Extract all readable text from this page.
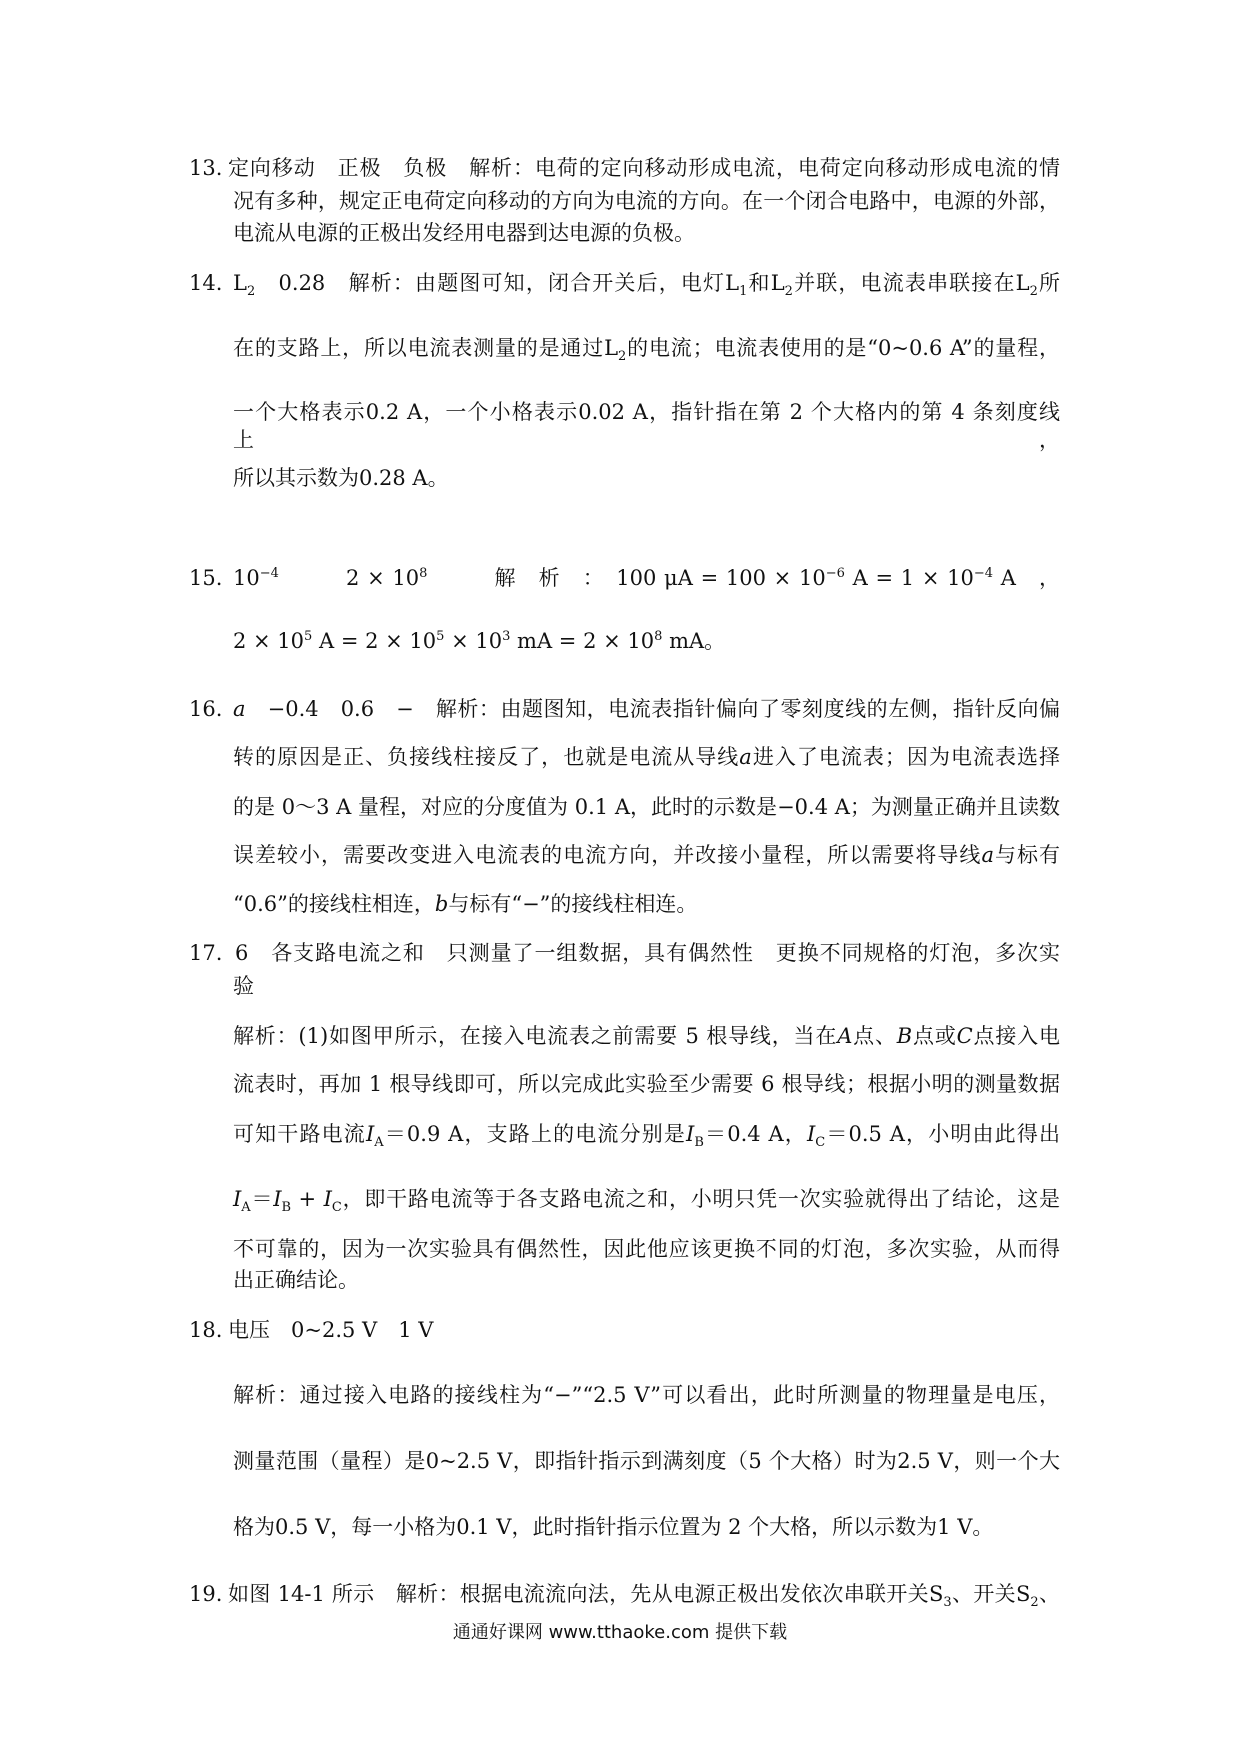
13. 定向移动　正极　负极　解析：电荷的定向移动形成电流，电荷定向移动形成电流的情
况有多种，规定正电荷定向移动的方向为电流的方向。在一个闭合电路中，电源的外部，
电流从电源的正极出发经用电器到达电源的负极。
14. $L_2$　0.28　解析：由题图可知，闭合开关后，电灯$L_1$和$L_2$并联，电流表串联接在$L_2$所
在的支路上，所以电流表测量的是通过$L_2$的电流；电流表使用的是“0~0.6 A”的量程，
一个大格表示0.2 A，一个小格表示0.02 A，指针指在第 2 个大格内的第 4 条刻度线上，
所以其示数为0.28 A。
15. $10^{-4}$　　　$2 \times 10^8$　　　解　析　：　100 $\mu A = 100 \times 10^{-6}$ $A = 1 \times 10^{-4}$ A　，
$2 \times 10^5$ $A = 2 \times 10^5 \times 10^3$ mA = $2 \times 10^8$ mA。
16. a　−0.4　0.6　−　解析：由题图知，电流表指针偏向了零刻度线的左侧，指针反向偏
转的原因是正、负接线柱接反了，也就是电流从导线a进入了电流表；因为电流表选择
的是 0～3 A 量程，对应的分度值为 0.1 A，此时的示数是−0.4 A；为测量正确并且读数
误差较小，需要改变进入电流表的电流方向，并改接小量程，所以需要将导线a与标有
“0.6”的接线柱相连，b与标有“−”的接线柱相连。
17. 6　各支路电流之和　只测量了一组数据，具有偶然性　更换不同规格的灯泡，多次实
验
解析：(1)如图甲所示，在接入电流表之前需要 5 根导线，当在A点、B点或C点接入电
流表时，再加 1 根导线即可，所以完成此实验至少需要 6 根导线；根据小明的测量数据
可知干路电流$I_A=0.9$ A，支路上的电流分别是$I_B=0.4$ A，$I_C=0.5$ A，小明由此得出
$I_A=I_B + I_C$，即干路电流等于各支路电流之和，小明只凭一次实验就得出了结论，这是
不可靠的，因为一次实验具有偶然性，因此他应该更换不同的灯泡，多次实验，从而得
出正确结论。
18. 电压　0~2.5 V　1 V
解析：通过接入电路的接线柱为“−”“2.5 V”可以看出，此时所测量的物理量是电压，
测量范围（量程）是0~2.5 V，即指针指示到满刻度（5 个大格）时为2.5 V，则一个大
格为0.5 V，每一小格为0.1 V，此时指针指示位置为 2 个大格，所以示数为1 V。
19. 如图 14-1 所示　解析：根据电流流向法，先从电源正极出发依次串联开关$S_3$、开关$S_2$、
通通好课网 www.tthaoke.com 提供下载
